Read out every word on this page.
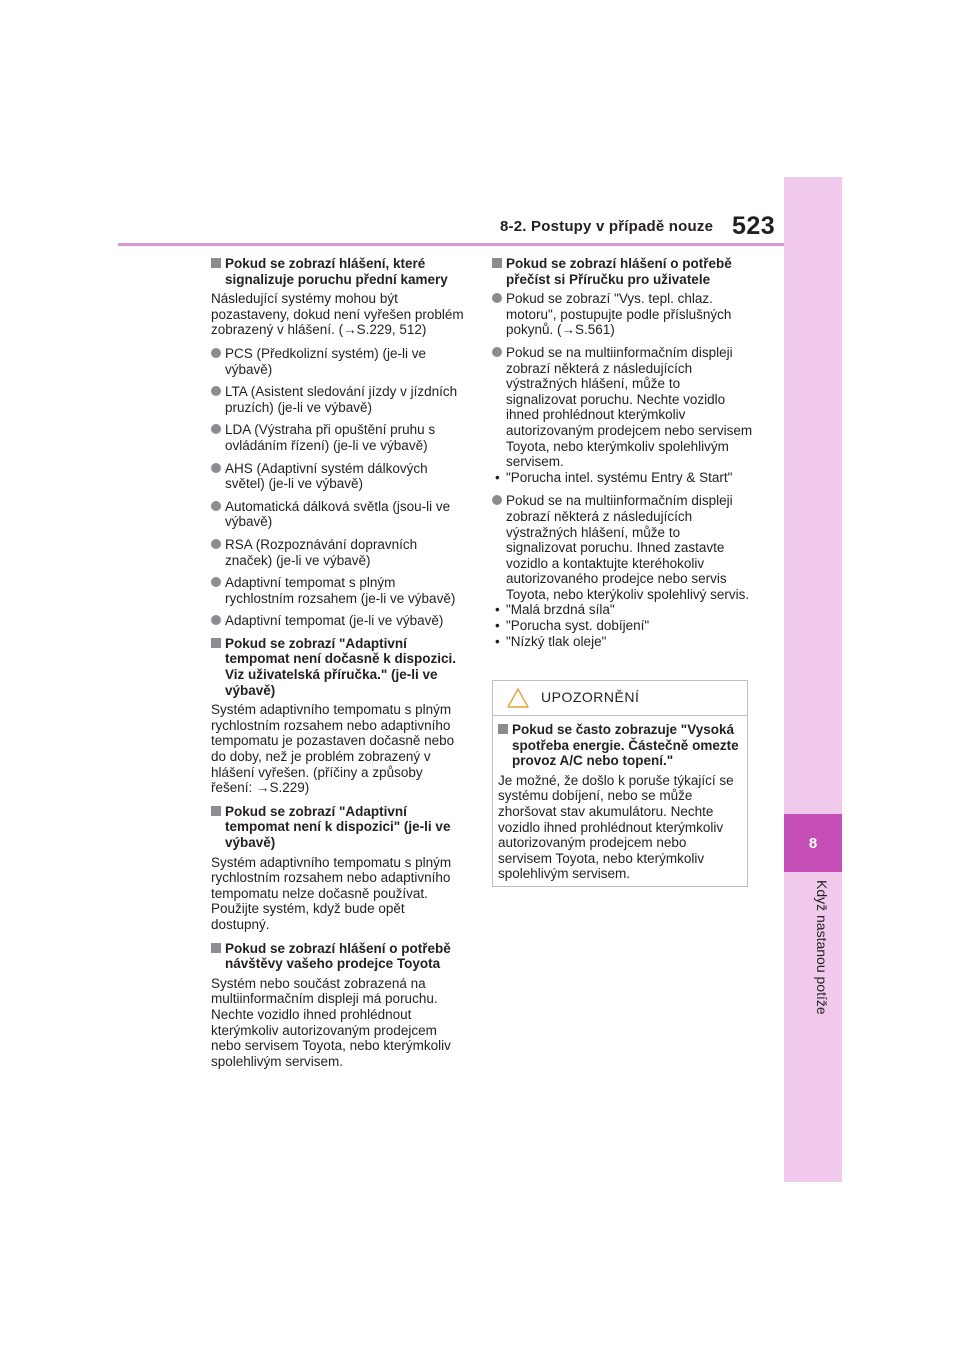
8-2. Postupy v případě nouze 523
8
Když nastanou potíže
Pokud se zobrazí hlášení, které signalizuje poruchu přední kamery
Následující systémy mohou být pozastaveny, dokud není vyřešen problém zobrazený v hlášení. (→S.229, 512)
PCS (Předkolizní systém) (je-li ve výbavě)
LTA (Asistent sledování jízdy v jízdních pruzích) (je-li ve výbavě)
LDA (Výstraha při opuštění pruhu s ovládáním řízení) (je-li ve výbavě)
AHS (Adaptivní systém dálkových světel) (je-li ve výbavě)
Automatická dálková světla (jsou-li ve výbavě)
RSA (Rozpoznávání dopravních značek) (je-li ve výbavě)
Adaptivní tempomat s plným rychlostním rozsahem (je-li ve výbavě)
Adaptivní tempomat (je-li ve výbavě)
Pokud se zobrazí "Adaptivní tempomat není dočasně k dispozici. Viz uživatelská příručka." (je-li ve výbavě)
Systém adaptivního tempomatu s plným rychlostním rozsahem nebo adaptivního tempomatu je pozastaven dočasně nebo do doby, než je problém zobrazený v hlášení vyřešen. (příčiny a způsoby řešení: →S.229)
Pokud se zobrazí "Adaptivní tempomat není k dispozici" (je-li ve výbavě)
Systém adaptivního tempomatu s plným rychlostním rozsahem nebo adaptivního tempomatu nelze dočasně používat. Použijte systém, když bude opět dostupný.
Pokud se zobrazí hlášení o potřebě návštěvy vašeho prodejce Toyota
Systém nebo součást zobrazená na multiinformačním displeji má poruchu. Nechte vozidlo ihned prohlédnout kterýmkoliv autorizovaným prodejcem nebo servisem Toyota, nebo kterýmkoliv spolehlivým servisem.
Pokud se zobrazí hlášení o potřebě přečíst si Příručku pro uživatele
Pokud se zobrazí "Vys. tepl. chlaz. motoru", postupujte podle příslušných pokynů. (→S.561)
Pokud se na multiinformačním displeji zobrazí některá z následujících výstražných hlášení, může to signalizovat poruchu. Nechte vozidlo ihned prohlédnout kterýmkoliv autorizovaným prodejcem nebo servisem Toyota, nebo kterýmkoliv spolehlivým servisem.
• "Porucha intel. systému Entry & Start"
Pokud se na multiinformačním displeji zobrazí některá z následujících výstražných hlášení, může to signalizovat poruchu. Ihned zastavte vozidlo a kontaktujte kteréhokoliv autorizovaného prodejce nebo servis Toyota, nebo kterýkoliv spolehlivý servis.
• "Malá brzdná síla"
• "Porucha syst. dobíjení"
• "Nízký tlak oleje"
UPOZORNĚNÍ
Pokud se často zobrazuje "Vysoká spotřeba energie. Částečně omezte provoz A/C nebo topení."
Je možné, že došlo k poruše týkající se systému dobíjení, nebo se může zhoršovat stav akumulátoru. Nechte vozidlo ihned prohlédnout kterýmkoliv autorizovaným prodejcem nebo servisem Toyota, nebo kterýmkoliv spolehlivým servisem.
